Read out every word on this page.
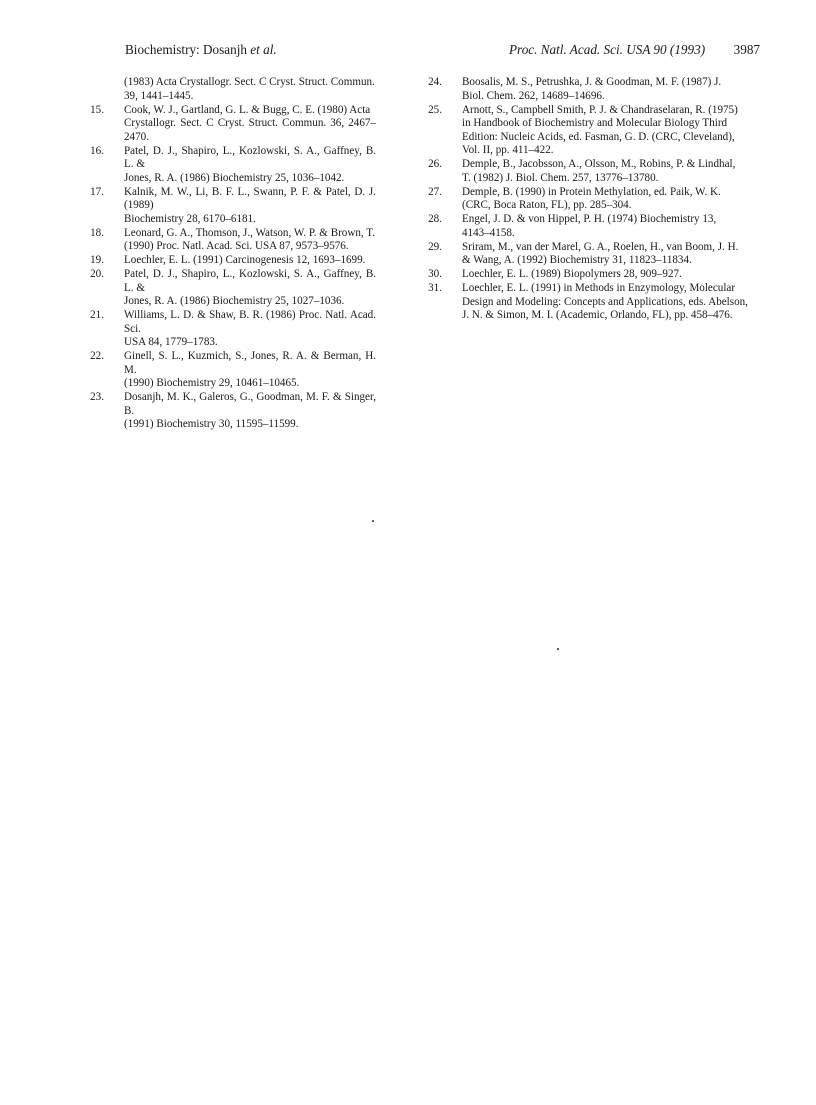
Biochemistry: Dosanjh et al.	Proc. Natl. Acad. Sci. USA 90 (1993) 3987
(1983) Acta Crystallogr. Sect. C Cryst. Struct. Commun. 39, 1441–1445.
15. Cook, W. J., Gartland, G. L. & Bugg, C. E. (1980) Acta
Crystallogr. Sect. C Cryst. Struct. Commun. 36, 2467–2470.
16. Patel, D. J., Shapiro, L., Kozlowski, S. A., Gaffney, B. L. &
Jones, R. A. (1986) Biochemistry 25, 1036–1042.
17. Kalnik, M. W., Li, B. F. L., Swann, P. F. & Patel, D. J. (1989)
Biochemistry 28, 6170–6181.
18. Leonard, G. A., Thomson, J., Watson, W. P. & Brown, T.
(1990) Proc. Natl. Acad. Sci. USA 87, 9573–9576.
19. Loechler, E. L. (1991) Carcinogenesis 12, 1693–1699.
20. Patel, D. J., Shapiro, L., Kozlowski, S. A., Gaffney, B. L. &
Jones, R. A. (1986) Biochemistry 25, 1027–1036.
21. Williams, L. D. & Shaw, B. R. (1986) Proc. Natl. Acad. Sci.
USA 84, 1779–1783.
22. Ginell, S. L., Kuzmich, S., Jones, R. A. & Berman, H. M.
(1990) Biochemistry 29, 10461–10465.
23. Dosanjh, M. K., Galeros, G., Goodman, M. F. & Singer, B.
(1991) Biochemistry 30, 11595–11599.
24. Boosalis, M. S., Petrushka, J. & Goodman, M. F. (1987) J.
Biol. Chem. 262, 14689–14696.
25. Arnott, S., Campbell Smith, P. J. & Chandraselaran, R. (1975)
in Handbook of Biochemistry and Molecular Biology Third
Edition: Nucleic Acids, ed. Fasman, G. D. (CRC, Cleveland),
Vol. II, pp. 411–422.
26. Demple, B., Jacobsson, A., Olsson, M., Robins, P. & Lindhal,
T. (1982) J. Biol. Chem. 257, 13776–13780.
27. Demple, B. (1990) in Protein Methylation, ed. Paik, W. K.
(CRC, Boca Raton, FL), pp. 285–304.
28. Engel, J. D. & von Hippel, P. H. (1974) Biochemistry 13,
4143–4158.
29. Sriram, M., van der Marel, G. A., Roelen, H., van Boom, J. H.
& Wang, A. (1992) Biochemistry 31, 11823–11834.
30. Loechler, E. L. (1989) Biopolymers 28, 909–927.
31. Loechler, E. L. (1991) in Methods in Enzymology, Molecular
Design and Modeling: Concepts and Applications, eds. Abelson,
J. N. & Simon, M. I. (Academic, Orlando, FL), pp. 458–476.
